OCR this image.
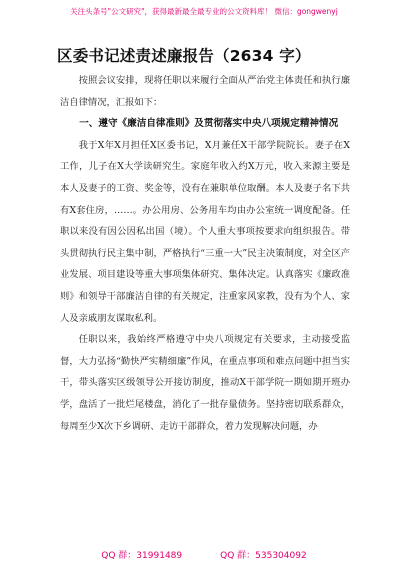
关注头条号"公文研究"，获得最新最全最专业的公文资料库！ 微信：gongwenyj
区委书记述责述廉报告（2634 字）

按照会议安排，现将任职以来履行全面从严治党主体责任和执行廉洁自律情况，汇报如下：

一、遵守《廉洁自律准则》及贯彻落实中央八项规定精神情况

我于X年X月担任X区委书记，X月兼任X干部学院院长。妻子在X工作，儿子在X大学读研究生。家庭年收入约X万元，收入来源主要是本人及妻子的工资、奖金等，没有在兼职单位取酬。本人及妻子名下共有X套住房，……。办公用房、公务用车均由办公室统一调度配备。任职以来没有因公因私出国（境）。个人重大事项按要求向组织报告。带头贯彻执行民主集中制，严格执行“三重一大”民主决策制度，对全区产业发展、项目建设等重大事项集体研究、集体决定。认真落实《廉政准则》和领导干部廉洁自律的有关规定，注重家风家教，没有为个人、家人及亲戚朋友谋取私利。

任职以来，我始终严格遵守中央八项规定有关要求，主动接受监督，大力弘扬“勤快严实精细廉”作风，在重点事项和难点问题中担当实干，带头落实区级领导公开接访制度，推动X干部学院一期如期开班办学，盘活了一批烂尾楼盘，消化了一批存量债务。坚持密切联系群众，每周至少X次下乡调研、走访干部群众，着力发现解决问题，办

QQ 群：31991489	QQ 群：535304092
